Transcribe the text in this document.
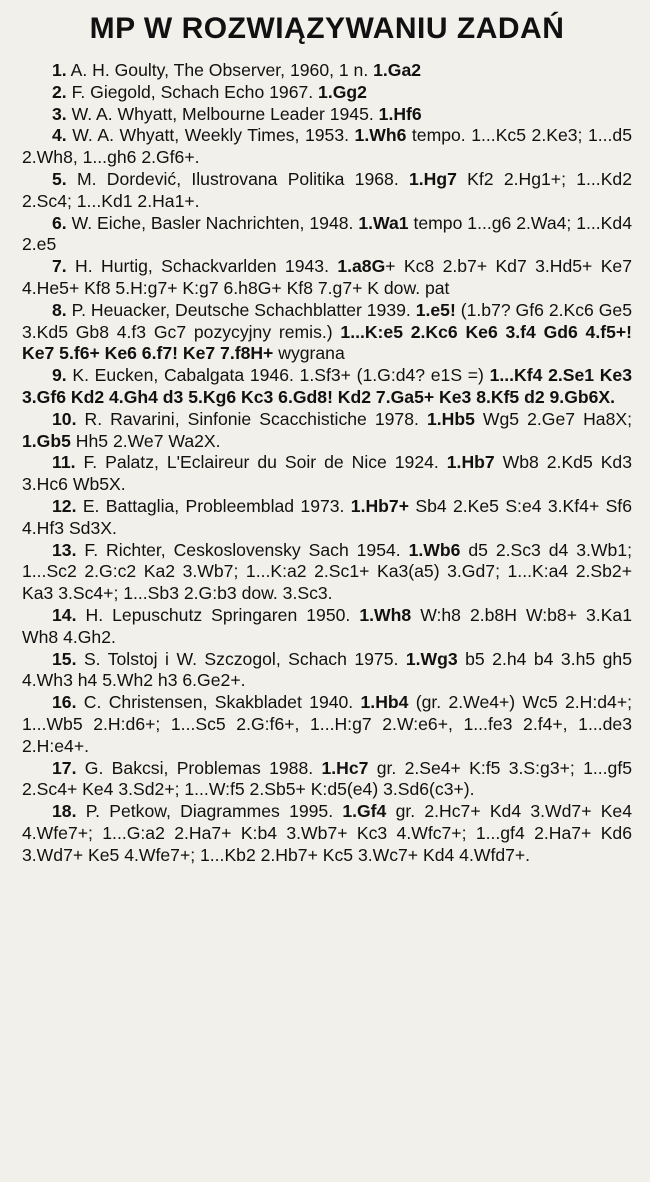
MP W ROZWIĄZYWANIU ZADAŃ

1. A. H. Goulty, The Observer, 1960, 1 n. 1.Ga2

2. F. Giegold, Schach Echo 1967. 1.Gg2

3. W. A. Whyatt, Melbourne Leader 1945. 1.Hf6

4. W. A. Whyatt, Weekly Times, 1953. 1.Wh6 tempo. 1...Kc5 2.Ke3; 1...d5 2.Wh8, 1...gh6 2.Gf6+.

5. M. Dordević, Ilustrovana Politika 1968. 1.Hg7 Kf2 2.Hg1+; 1...Kd2 2.Sc4; 1...Kd1 2.Ha1+.

6. W. Eiche, Basler Nachrichten, 1948. 1.Wa1 tempo 1...g6 2.Wa4; 1...Kd4 2.e5

7. H. Hurtig, Schackvarlden 1943. 1.a8G+ Kc8 2.b7+ Kd7 3.Hd5+ Ke7 4.He5+ Kf8 5.H:g7+ K:g7 6.h8G+ Kf8 7.g7+ K dow. pat

8. P. Heuacker, Deutsche Schachblatter 1939. 1.e5! (1.b7? Gf6 2.Kc6 Ge5 3.Kd5 Gb8 4.f3 Gc7 pozycyjny remis.) 1...K:e5 2.Kc6 Ke6 3.f4 Gd6 4.f5+! Ke7 5.f6+ Ke6 6.f7! Ke7 7.f8H+ wygrana

9. K. Eucken, Cabalgata 1946. 1.Sf3+ (1.G:d4? e1S =) 1...Kf4 2.Se1 Ke3 3.Gf6 Kd2 4.Gh4 d3 5.Kg6 Kc3 6.Gd8! Kd2 7.Ga5+ Ke3 8.Kf5 d2 9.Gb6X.

10. R. Ravarini, Sinfonie Scacchistiche 1978. 1.Hb5 Wg5 2.Ge7 Ha8X; 1.Gb5 Hh5 2.We7 Wa2X.

11. F. Palatz, L'Eclaireur du Soir de Nice 1924. 1.Hb7 Wb8 2.Kd5 Kd3 3.Hc6 Wb5X.

12. E. Battaglia, Probleemblad 1973. 1.Hb7+ Sb4 2.Ke5 S:e4 3.Kf4+ Sf6 4.Hf3 Sd3X.

13. F. Richter, Ceskoslovensky Sach 1954. 1.Wb6 d5 2.Sc3 d4 3.Wb1; 1...Sc2 2.G:c2 Ka2 3.Wb7; 1...K:a2 2.Sc1+ Ka3(a5) 3.Gd7; 1...K:a4 2.Sb2+ Ka3 3.Sc4+; 1...Sb3 2.G:b3 dow. 3.Sc3.

14. H. Lepuschutz Springaren 1950. 1.Wh8 W:h8 2.b8H W:b8+ 3.Ka1 Wh8 4.Gh2.

15. S. Tolstoj i W. Szczogol, Schach 1975. 1.Wg3 b5 2.h4 b4 3.h5 gh5 4.Wh3 h4 5.Wh2 h3 6.Ge2+.

16. C. Christensen, Skakbladet 1940. 1.Hb4 (gr. 2.We4+) Wc5 2.H:d4+; 1...Wb5 2.H:d6+; 1...Sc5 2.G:f6+, 1...H:g7 2.W:e6+, 1...fe3 2.f4+, 1...de3 2.H:e4+.

17. G. Bakcsi, Problemas 1988. 1.Hc7 gr. 2.Se4+ K:f5 3.S:g3+; 1...gf5 2.Sc4+ Ke4 3.Sd2+; 1...W:f5 2.Sb5+ K:d5(e4) 3.Sd6(c3+).

18. P. Petkow, Diagrammes 1995. 1.Gf4 gr. 2.Hc7+ Kd4 3.Wd7+ Ke4 4.Wfe7+; 1...G:a2 2.Ha7+ K:b4 3.Wb7+ Kc3 4.Wfc7+; 1...gf4 2.Ha7+ Kd6 3.Wd7+ Ke5 4.Wfe7+; 1...Kb2 2.Hb7+ Kc5 3.Wc7+ Kd4 4.Wfd7+.
